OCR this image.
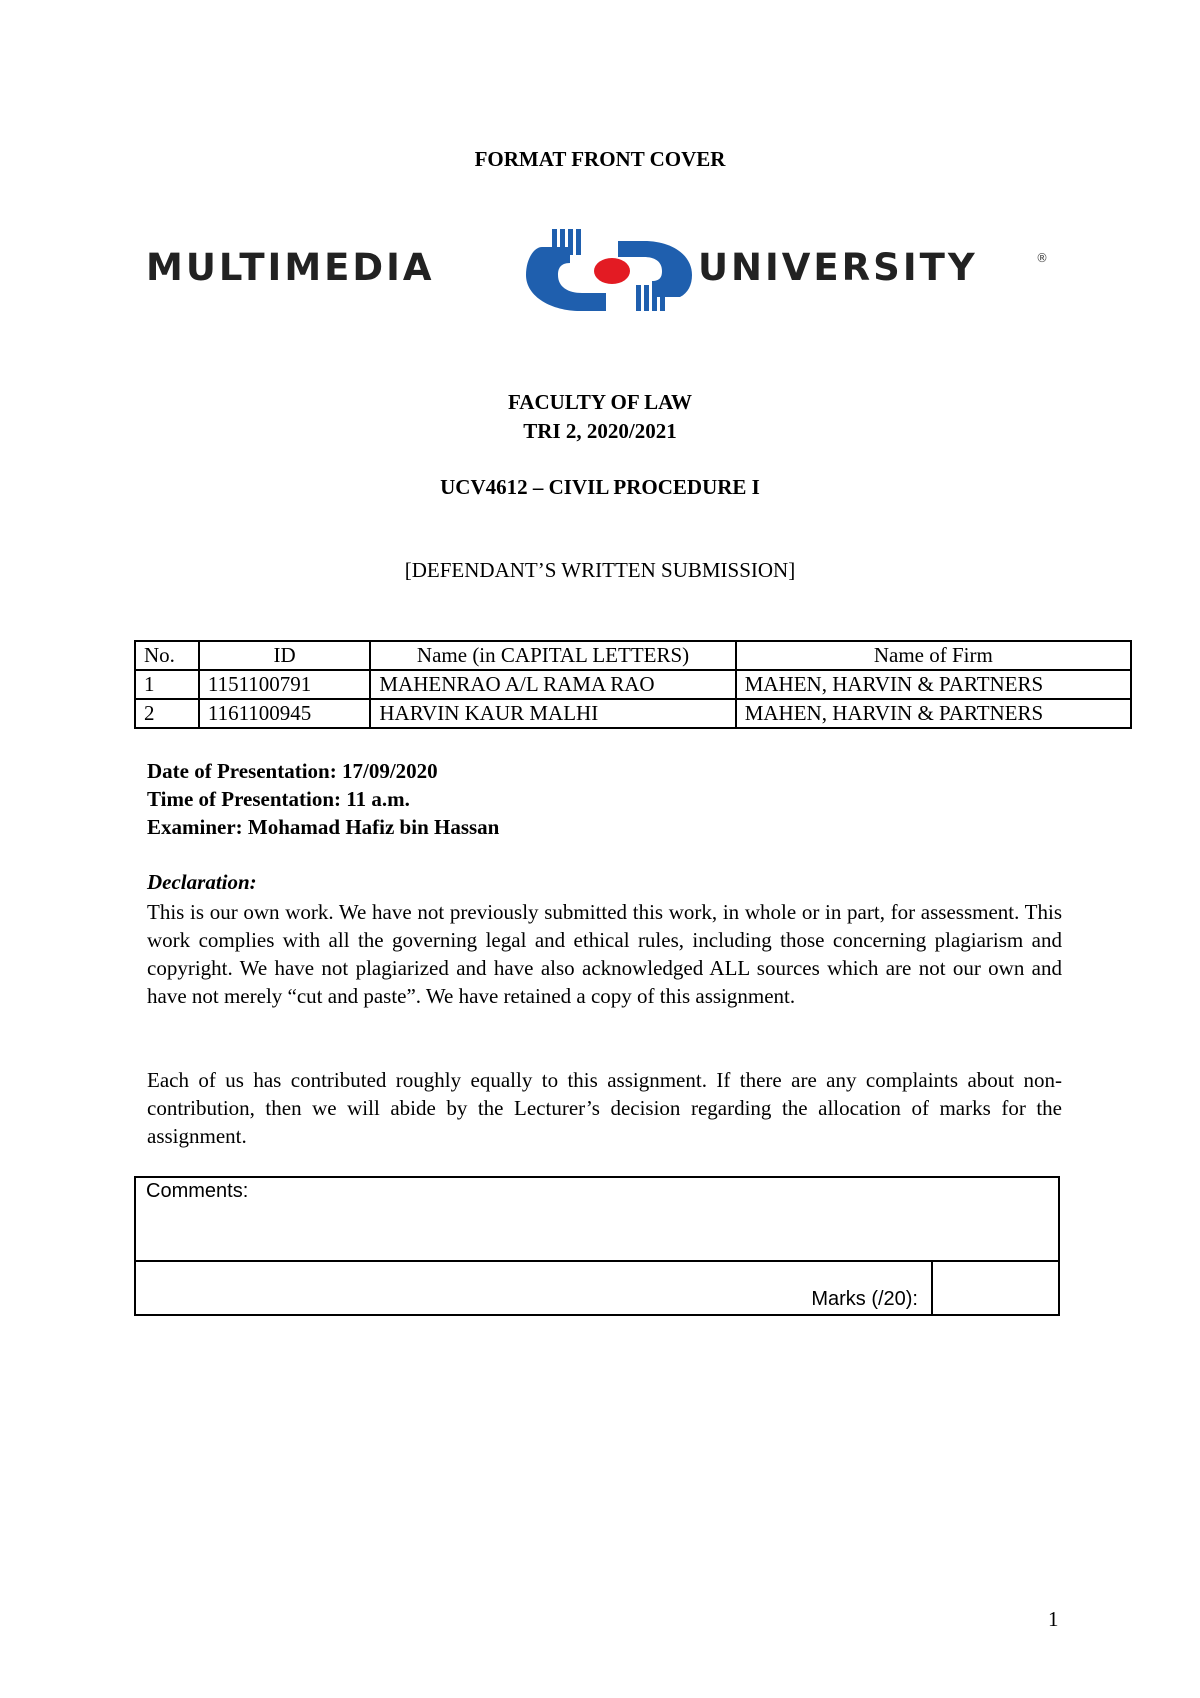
FORMAT FRONT COVER
MULTIMEDIA	UNIVERSITY	®
FACULTY OF LAW
TRI 2, 2020/2021
UCV4612 – CIVIL PROCEDURE I
[DEFENDANT’S WRITTEN SUBMISSION]
No.	ID	Name (in CAPITAL LETTERS)	Name of Firm
1	1151100791	MAHENRAO A/L RAMA RAO	MAHEN, HARVIN & PARTNERS
2	1161100945	HARVIN KAUR MALHI	MAHEN, HARVIN & PARTNERS
Date of Presentation: 17/09/2020
Time of Presentation: 11 a.m.
Examiner: Mohamad Hafiz bin Hassan
Declaration:
This is our own work. We have not previously submitted this work, in whole or in part, for assessment. This work complies with all the governing legal and ethical rules, including those concerning plagiarism and copyright. We have not plagiarized and have also acknowledged ALL sources which are not our own and have not merely “cut and paste”. We have retained a copy of this assignment.
Each of us has contributed roughly equally to this assignment. If there are any complaints about non-contribution, then we will abide by the Lecturer’s decision regarding the allocation of marks for the assignment.
Comments:
Marks (/20):
1
